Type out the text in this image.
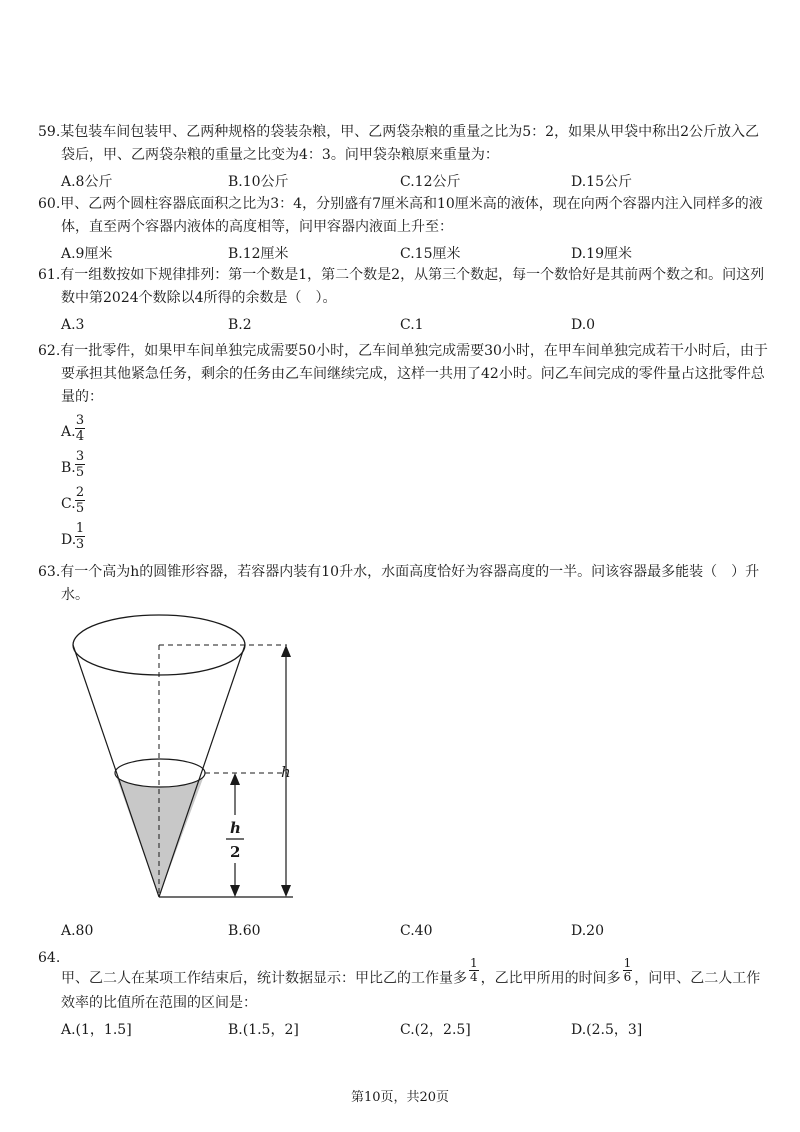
59.某包装车间包装甲、乙两种规格的袋装杂粮，甲、乙两袋杂粮的重量之比为5：2，如果从甲袋中称出2公斤放入乙袋后，甲、乙两袋杂粮的重量之比变为4：3。问甲袋杂粮原来重量为：
A.8公斤	B.10公斤	C.12公斤	D.15公斤
60.甲、乙两个圆柱容器底面积之比为3：4，分别盛有7厘米高和10厘米高的液体，现在向两个容器内注入同样多的液体，直至两个容器内液体的高度相等，问甲容器内液面上升至：
A.9厘米	B.12厘米	C.15厘米	D.19厘米
61.有一组数按如下规律排列：第一个数是1，第二个数是2，从第三个数起，每一个数恰好是其前两个数之和。问这列数中第2024个数除以4所得的余数是（　）。
A.3	B.2	C.1	D.0
62.有一批零件，如果甲车间单独完成需要50小时，乙车间单独完成需要30小时，在甲车间单独完成若干小时后，由于要承担其他紧急任务，剩余的任务由乙车间继续完成，这样一共用了42小时。问乙车间完成的零件量占这批零件总量的：
A. $\frac{3}{4}$
B. $\frac{3}{5}$
C. $\frac{2}{5}$
D.
$\frac{1}{3}$
63.有一个高为h的圆锥形容器，若容器内装有10升水，水面高度恰好为容器高度的一半。问该容器最多能装（　）升水。
h
h
2
A.80	B.60	C.40	D.20
64.
甲、乙二人在某项工作结束后，统计数据显示：甲比乙的工作量多 $\frac{1}{4}$ ，乙比甲所用的时间多 $\frac{1}{6}$ ，问甲、乙二人工作效率的比值所在范围的区间是：
A.(1，1.5]	B.(1.5，2]	C.(2，2.5]	D.(2.5，3]
第10页，共20页
